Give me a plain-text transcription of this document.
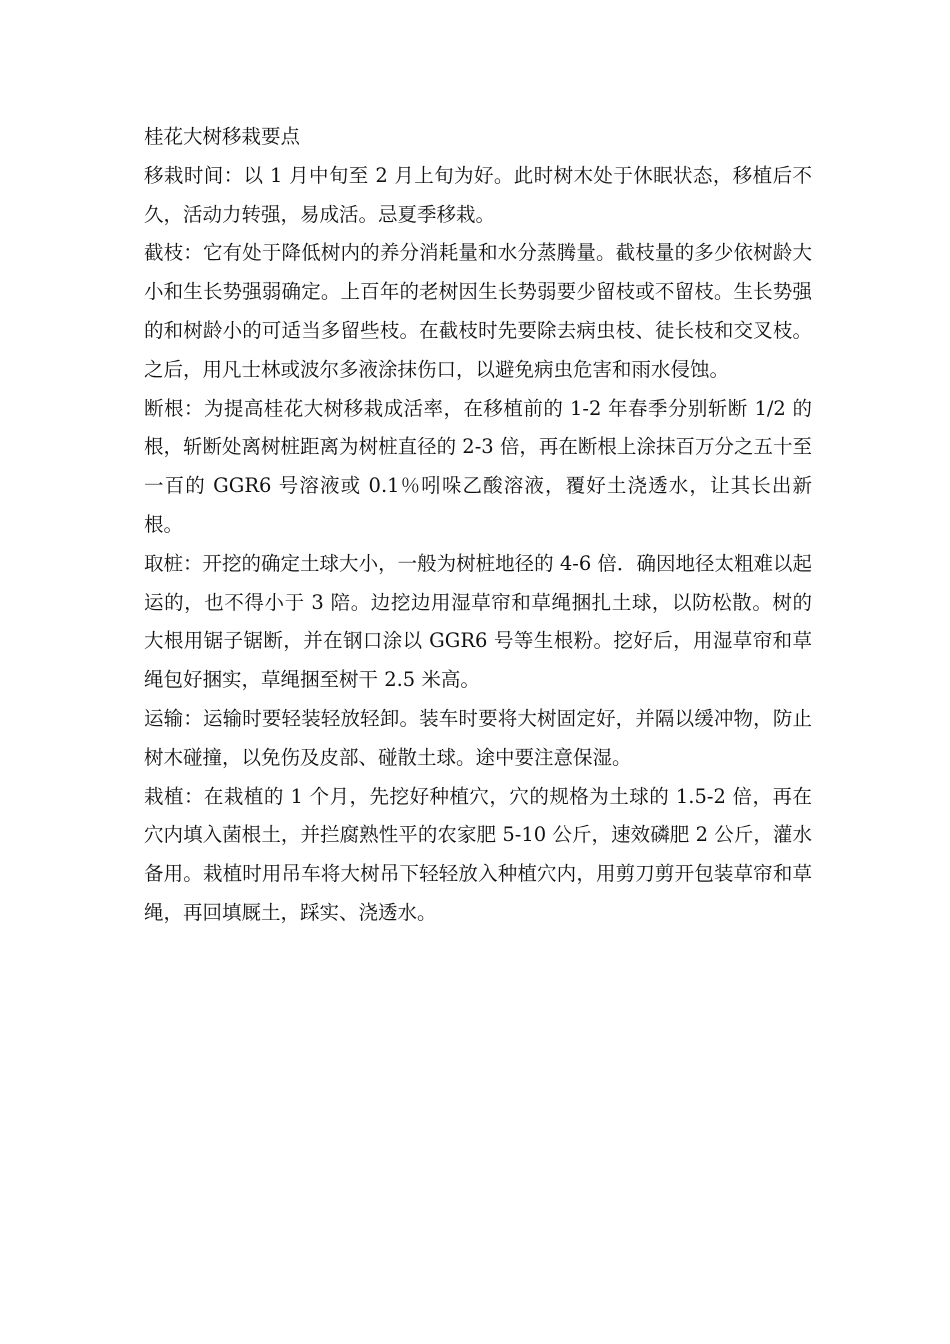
桂花大树移栽要点

移栽时间：以 1 月中旬至 2 月上旬为好。此时树木处于休眠状态，移植后不久，活动力转强，易成活。忌夏季移栽。

截枝：它有处于降低树内的养分消耗量和水分蒸腾量。截枝量的多少依树龄大小和生长势强弱确定。上百年的老树因生长势弱要少留枝或不留枝。生长势强的和树龄小的可适当多留些枝。在截枝时先要除去病虫枝、徒长枝和交叉枝。之后，用凡士林或波尔多液涂抹伤口，以避免病虫危害和雨水侵蚀。

断根：为提高桂花大树移栽成活率，在移植前的 1-2 年春季分别斩断 1/2 的根，斩断处离树桩距离为树桩直径的 2-3 倍，再在断根上涂抹百万分之五十至一百的 GGR6 号溶液或 0.1％吲哚乙酸溶液，覆好土浇透水，让其长出新根。

取桩：开挖的确定土球大小，一般为树桩地径的 4-6 倍．确因地径太粗难以起运的，也不得小于 3 陪。边挖边用湿草帘和草绳捆扎土球，以防松散。树的大根用锯子锯断，并在钢口涂以 GGR6 号等生根粉。挖好后，用湿草帘和草绳包好捆实，草绳捆至树干 2.5 米高。

运输：运输时要轻装轻放轻卸。装车时要将大树固定好，并隔以缓冲物，防止树木碰撞，以免伤及皮部、碰散土球。途中要注意保湿。

栽植：在栽植的 1 个月，先挖好种植穴，穴的规格为土球的 1.5-2 倍，再在穴内填入菌根土，并拦腐熟性平的农家肥 5-10 公斤，速效磷肥 2 公斤，灌水备用。栽植时用吊车将大树吊下轻轻放入种植穴内，用剪刀剪开包装草帘和草绳，再回填厩土，踩实、浇透水。
